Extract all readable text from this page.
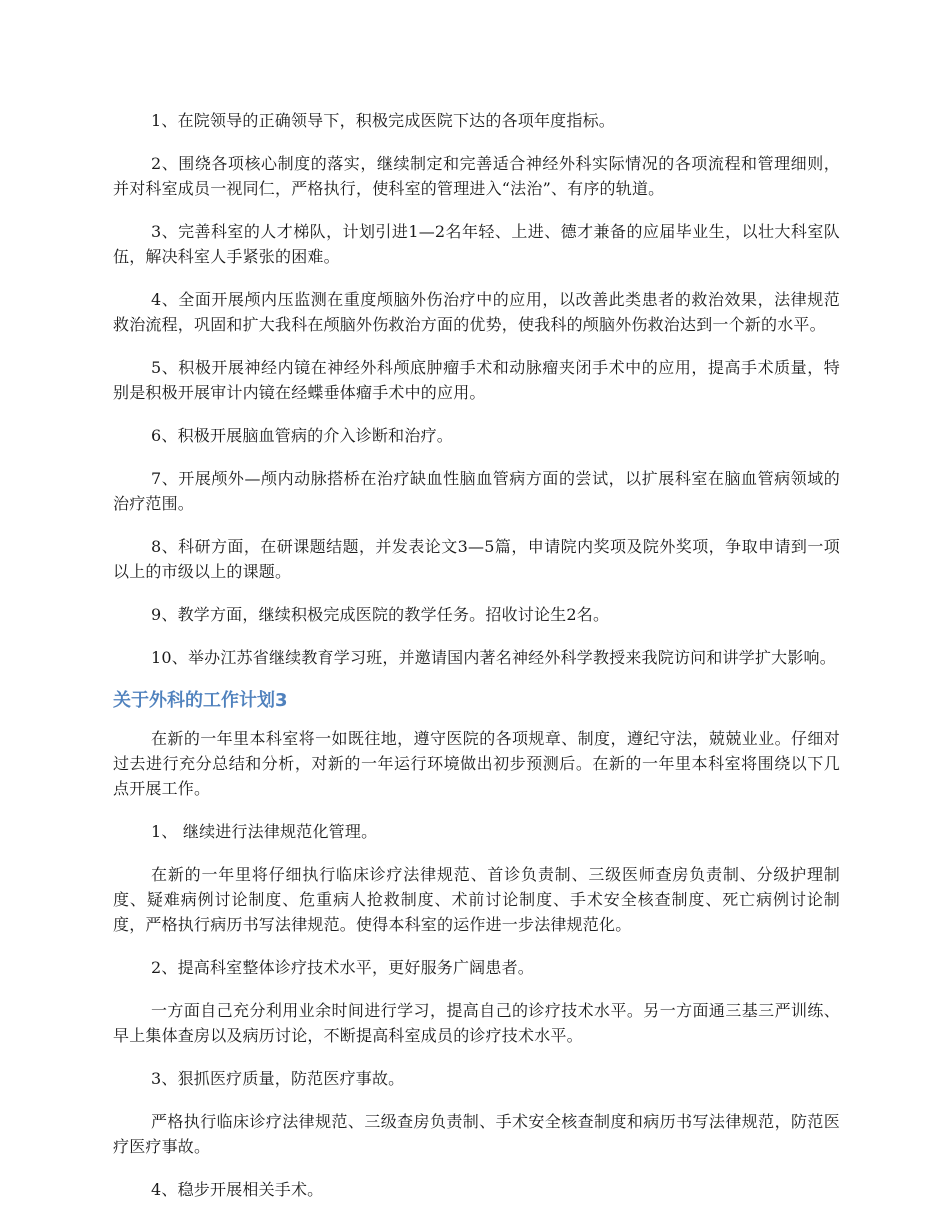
1、在院领导的正确领导下，积极完成医院下达的各项年度指标。

2、围绕各项核心制度的落实，继续制定和完善适合神经外科实际情况的各项流程和管理细则，并对科室成员一视同仁，严格执行，使科室的管理进入“法治”、有序的轨道。

3、完善科室的人才梯队，计划引进1—2名年轻、上进、德才兼备的应届毕业生，以壮大科室队伍，解决科室人手紧张的困难。

4、全面开展颅内压监测在重度颅脑外伤治疗中的应用，以改善此类患者的救治效果，法律规范救治流程，巩固和扩大我科在颅脑外伤救治方面的优势，使我科的颅脑外伤救治达到一个新的水平。

5、积极开展神经内镜在神经外科颅底肿瘤手术和动脉瘤夹闭手术中的应用，提高手术质量，特别是积极开展审计内镜在经蝶垂体瘤手术中的应用。

6、积极开展脑血管病的介入诊断和治疗。

7、开展颅外—颅内动脉搭桥在治疗缺血性脑血管病方面的尝试，以扩展科室在脑血管病领域的治疗范围。

8、科研方面，在研课题结题，并发表论文3—5篇，申请院内奖项及院外奖项，争取申请到一项以上的市级以上的课题。

9、教学方面，继续积极完成医院的教学任务。招收讨论生2名。

10、举办江苏省继续教育学习班，并邀请国内著名神经外科学教授来我院访问和讲学扩大影响。

关于外科的工作计划3

在新的一年里本科室将一如既往地，遵守医院的各项规章、制度，遵纪守法，兢兢业业。仔细对过去进行充分总结和分析，对新的一年运行环境做出初步预测后。在新的一年里本科室将围绕以下几点开展工作。

1、 继续进行法律规范化管理。

在新的一年里将仔细执行临床诊疗法律规范、首诊负责制、三级医师查房负责制、分级护理制度、疑难病例讨论制度、危重病人抢救制度、术前讨论制度、手术安全核查制度、死亡病例讨论制度，严格执行病历书写法律规范。使得本科室的运作进一步法律规范化。

2、提高科室整体诊疗技术水平，更好服务广阔患者。

一方面自己充分利用业余时间进行学习，提高自己的诊疗技术水平。另一方面通三基三严训练、早上集体查房以及病历讨论，不断提高科室成员的诊疗技术水平。

3、狠抓医疗质量，防范医疗事故。

严格执行临床诊疗法律规范、三级查房负责制、手术安全核查制度和病历书写法律规范，防范医疗医疗事故。

4、稳步开展相关手术。
